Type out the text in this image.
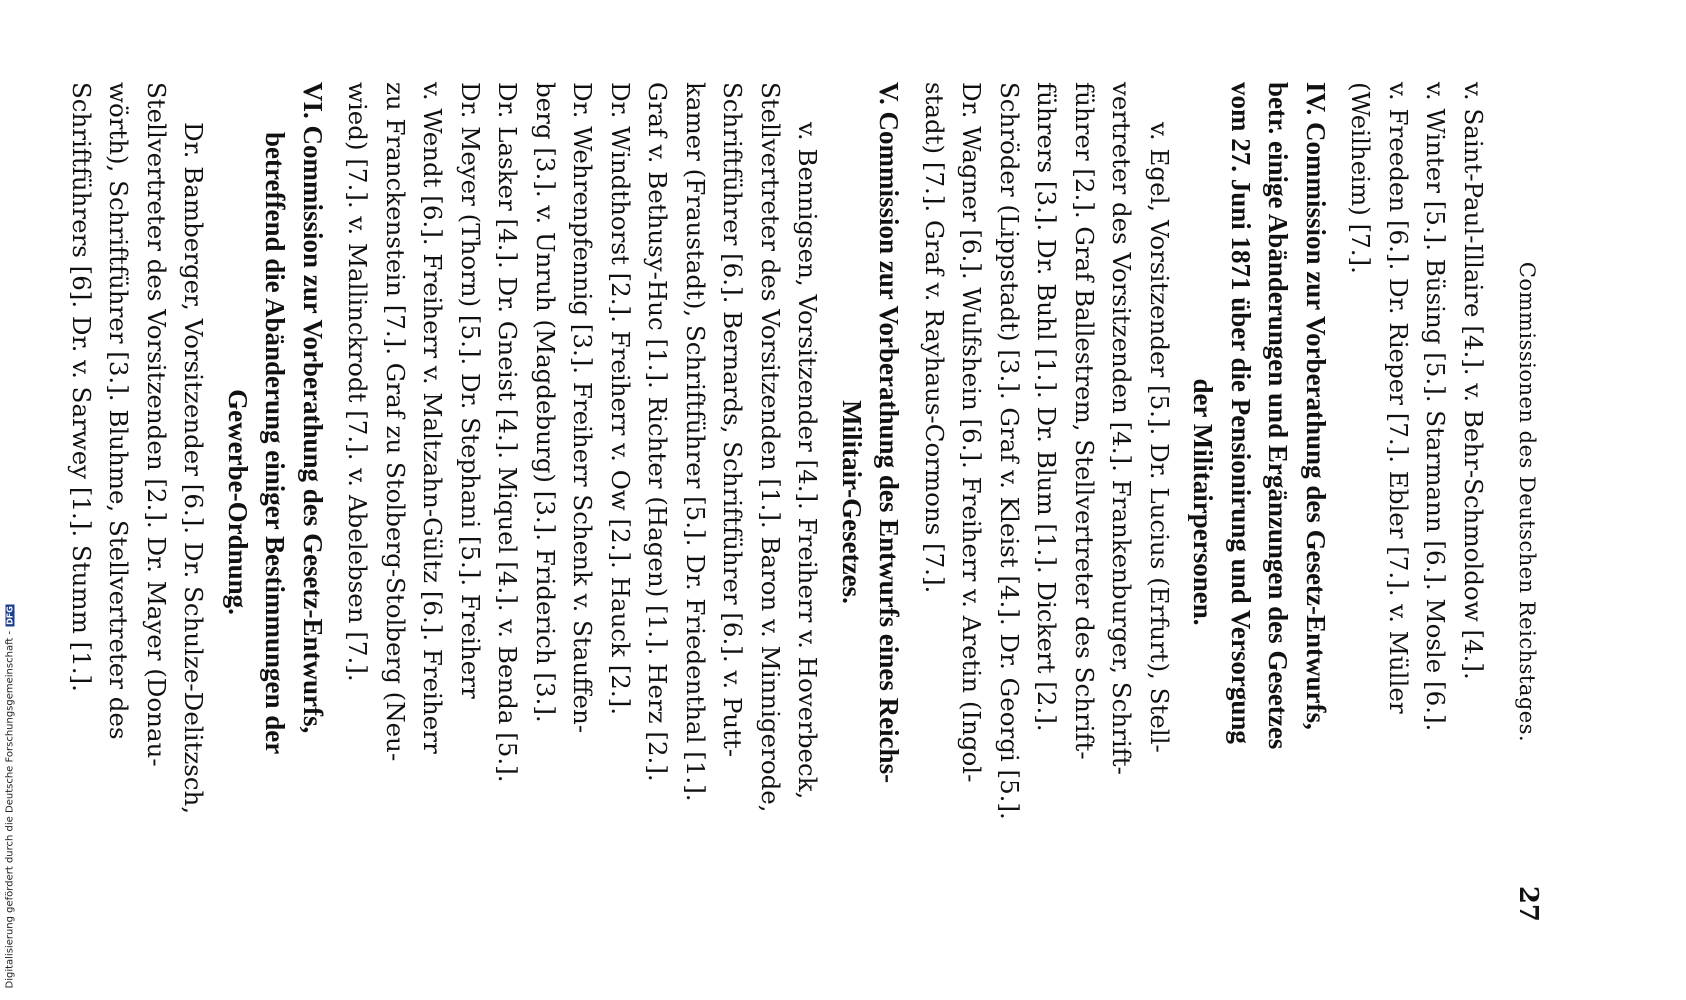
Commissionen des Deutschen Reichstages.
27
v. Saint-Paul-Illaire [4.]. v. Behr-Schmoldow [4.].
v. Winter [5.]. Büsing [5.]. Starmann [6.]. Mosle [6.].
v. Freeden [6.]. Dr. Rieper [7.]. Ebler [7.]. v. Müller
(Weilheim) [7.].
IV. Commission zur Vorberathung des Gesetz-Entwurfs,
betr. einige Abänderungen und Ergänzungen des Gesetzes
vom 27. Juni 1871 über die Pensionirung und Versorgung
der Militairpersonen.
v. Egel, Vorsitzender [5.]. Dr. Lucius (Erfurt), Stell-
vertreter des Vorsitzenden [4.]. Frankenburger, Schrift-
führer [2.]. Graf Ballestrem, Stellvertreter des Schrift-
führers [3.]. Dr. Buhl [1.]. Dr. Blum [1.]. Dickert [2.].
Schröder (Lippstadt) [3.]. Graf v. Kleist [4.]. Dr. Georgi [5.].
Dr. Wagner [6.]. Wulfshein [6.]. Freiherr v. Aretin (Ingol-
stadt) [7.]. Graf v. Rayhaus-Cormons [7.].
V. Commission zur Vorberathung des Entwurfs eines Reichs-
Militair-Gesetzes.
v. Bennigsen, Vorsitzender [4.]. Freiherr v. Hoverbeck,
Stellvertreter des Vorsitzenden [1.]. Baron v. Minnigerode,
Schriftführer [6.]. Bernards, Schriftführer [6.]. v. Putt-
kamer (Fraustadt), Schriftführer [5.]. Dr. Friedenthal [1.].
Graf v. Bethusy-Huc [1.]. Richter (Hagen) [1.]. Herz [2.].
Dr. Windthorst [2.]. Freiherr v. Ow [2.]. Hauck [2.].
Dr. Wehrenpfennig [3.]. Freiherr Schenk v. Stauffen-
berg [3.]. v. Unruh (Magdeburg) [3.]. Friderich [3.].
Dr. Lasker [4.]. Dr. Gneist [4.]. Miquel [4.]. v. Benda [5.].
Dr. Meyer (Thorn) [5.]. Dr. Stephani [5.]. Freiherr
v. Wendt [6.]. Freiherr v. Maltzahn-Gültz [6.]. Freiherr
zu Franckenstein [7.]. Graf zu Stolberg-Stolberg (Neu-
wied) [7.]. v. Mallinckrodt [7.]. v. Abelebsen [7.].
VI. Commission zur Vorberathung des Gesetz-Entwurfs,
betreffend die Abänderung einiger Bestimmungen der
Gewerbe-Ordnung.
Dr. Bamberger, Vorsitzender [6.]. Dr. Schulze-Delitzsch,
Stellvertreter des Vorsitzenden [2.]. Dr. Mayer (Donau-
wörth), Schriftführer [3.]. Bluhme, Stellvertreter des
Schriftführers [6]. Dr. v. Sarwey [1.]. Stumm [1.].
Digitalisierung gefördert durch die Deutsche Forschungsgemeinschaft -DFG
